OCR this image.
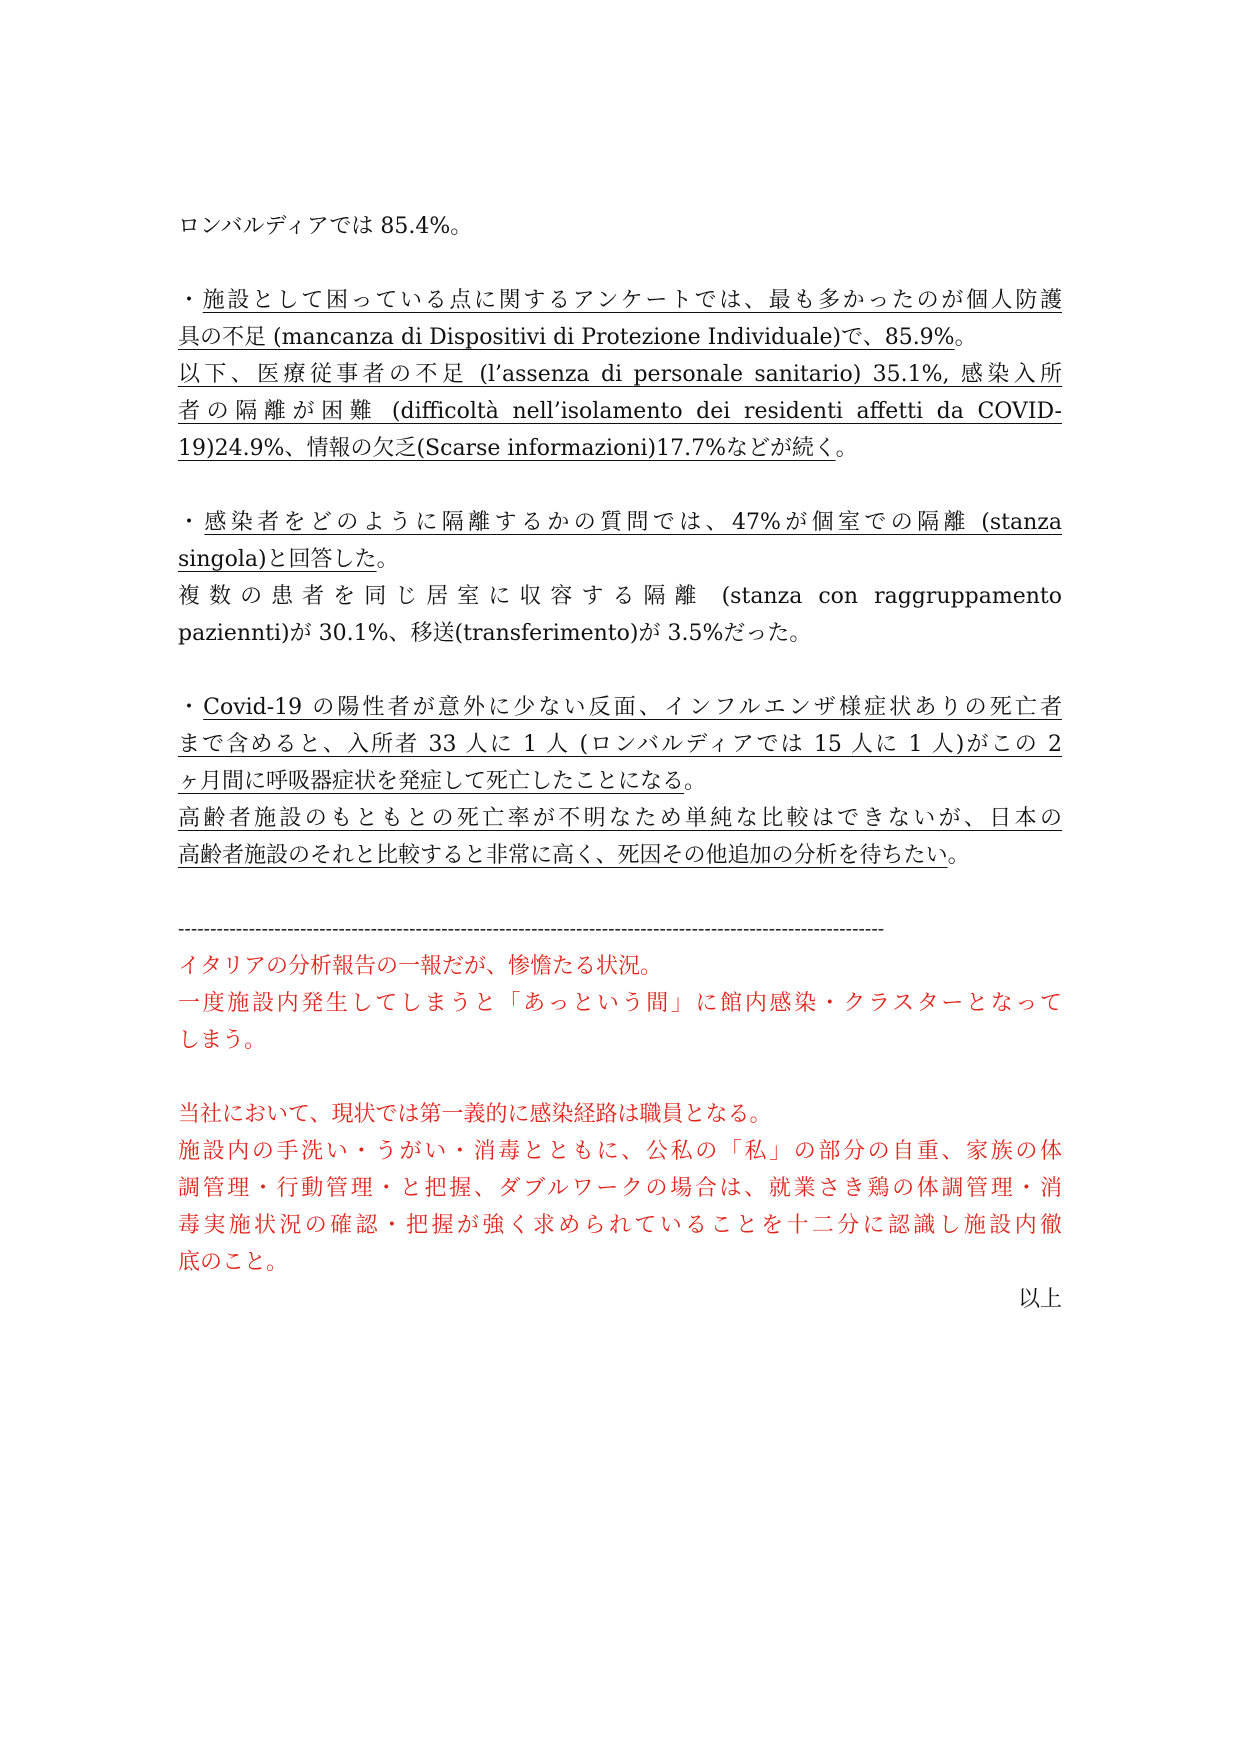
ロンバルディアでは 85.4%。
・施設として困っている点に関するアンケートでは、最も多かったのが個人防護
具の不足 (mancanza di Dispositivi di Protezione Individuale)で、85.9%。
以下、医療従事者の不足 (l’assenza di personale sanitario) 35.1%, 感染入所
者の隔離が困難 (difficoltà nell’isolamento dei residenti affetti da COVID-
19)24.9%、情報の欠乏(Scarse informazioni)17.7%などが続く。
・感染者をどのように隔離するかの質問では、47%が個室での隔離 (stanza
singola)と回答した。
複数の患者を同じ居室に収容する隔離 (stanza con raggruppamento
paziennti)が 30.1%、移送(transferimento)が 3.5%だった。
・Covid-19 の陽性者が意外に少ない反面、インフルエンザ様症状ありの死亡者
まで含めると、入所者 33 人に 1 人 (ロンバルディアでは 15 人に 1 人)がこの 2
ヶ月間に呼吸器症状を発症して死亡したことになる。
高齢者施設のもともとの死亡率が不明なため単純な比較はできないが、日本の
高齢者施設のそれと比較すると非常に高く、死因その他追加の分析を待ちたい。
--------------------------------------------------------------------------------------------------------------
イタリアの分析報告の一報だが、惨憺たる状況。
一度施設内発生してしまうと「あっという間」に館内感染・クラスターとなって
しまう。
当社において、現状では第一義的に感染経路は職員となる。
施設内の手洗い・うがい・消毒とともに、公私の「私」の部分の自重、家族の体
調管理・行動管理・と把握、ダブルワークの場合は、就業さき鶏の体調管理・消
毒実施状況の確認・把握が強く求められていることを十二分に認識し施設内徹
底のこと。
以上
